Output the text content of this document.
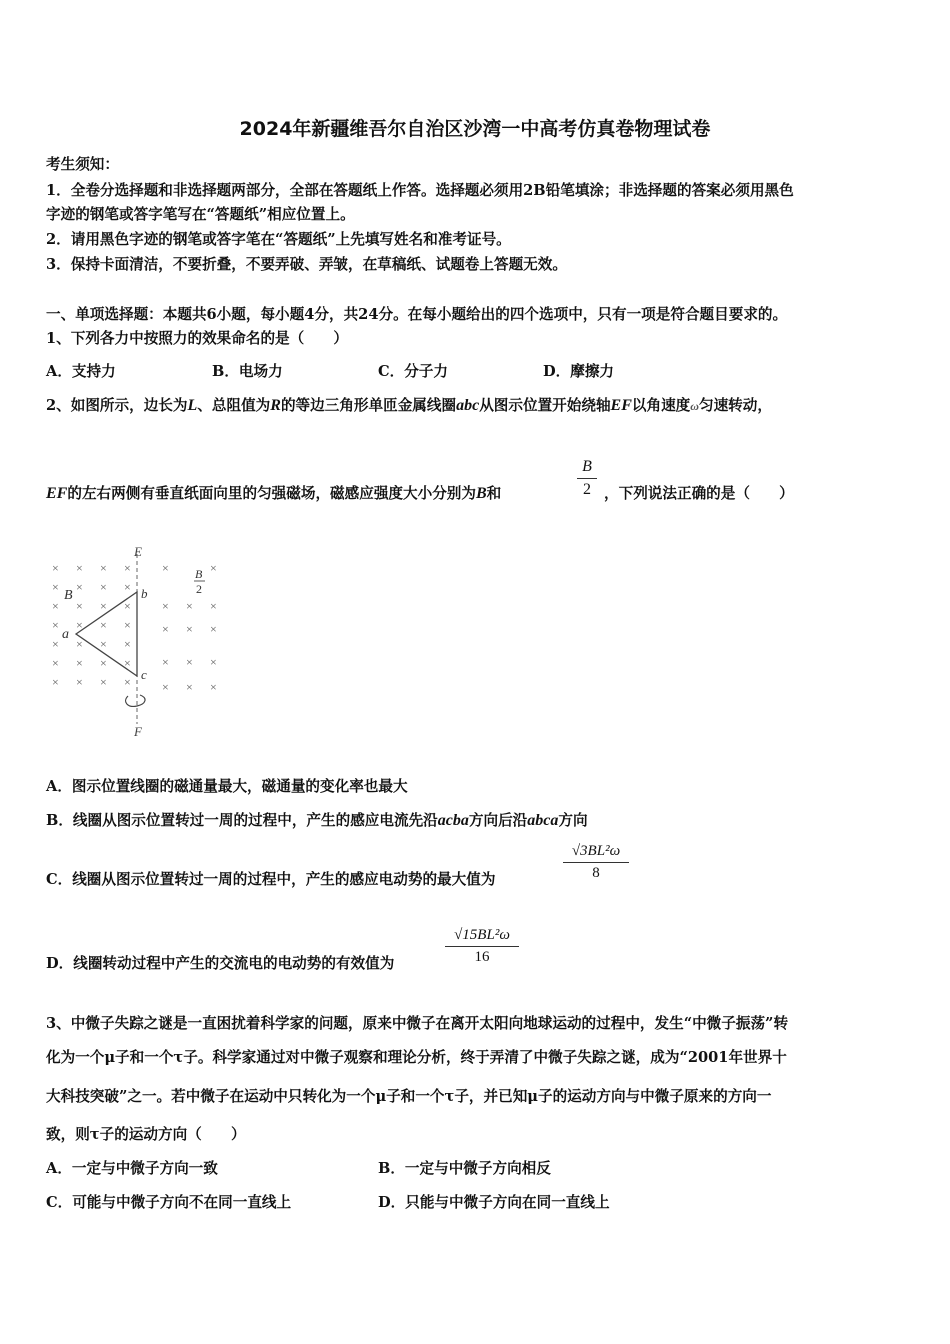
2024年新疆维吾尔自治区沙湾一中高考仿真卷物理试卷
考生须知：
1．全卷分选择题和非选择题两部分，全部在答题纸上作答。选择题必须用2B铅笔填涂；非选择题的答案必须用黑色
字迹的钢笔或答字笔写在“答题纸”相应位置上。
2．请用黑色字迹的钢笔或答字笔在“答题纸”上先填写姓名和准考证号。
3．保持卡面清洁，不要折叠，不要弄破、弄皱，在草稿纸、试题卷上答题无效。
一、单项选择题：本题共6小题，每小题4分，共24分。在每小题给出的四个选项中，只有一项是符合题目要求的。
1、下列各力中按照力的效果命名的是（　　）
A．支持力	B．电场力	C．分子力	D．摩擦力
2、如图所示，边长为L、总阻值为R的等边三角形单匝金属线圈abc从图示位置开始绕轴EF以角速度ω匀速转动，
EF的左右两侧有垂直纸面向里的匀强磁场，磁感应强度大小分别为B和
B
2 ，下列说法正确的是（　　）
× × × ×
× × × ×
× × × ×
× × × ×
× × × ×
× × × ×
× × × ×
×	×
× × ×
× × ×
× × ×
× × ×
E
F
B
B
2
a
b
c
A．图示位置线圈的磁通量最大，磁通量的变化率也最大
B．线圈从图示位置转过一周的过程中，产生的感应电流先沿acba方向后沿abca方向
C．线圈从图示位置转过一周的过程中，产生的感应电动势的最大值为
√3BL²ω
8
D．线圈转动过程中产生的交流电的电动势的有效值为
√15BL²ω
16
3、中微子失踪之谜是一直困扰着科学家的问题，原来中微子在离开太阳向地球运动的过程中，发生“中微子振荡”转
化为一个μ子和一个τ子。科学家通过对中微子观察和理论分析，终于弄清了中微子失踪之谜，成为“2001年世界十
大科技突破”之一。若中微子在运动中只转化为一个μ子和一个τ子，并已知μ子的运动方向与中微子原来的方向一
致，则τ子的运动方向（　　）
A．一定与中微子方向一致	B．一定与中微子方向相反
C．可能与中微子方向不在同一直线上	D．只能与中微子方向在同一直线上
